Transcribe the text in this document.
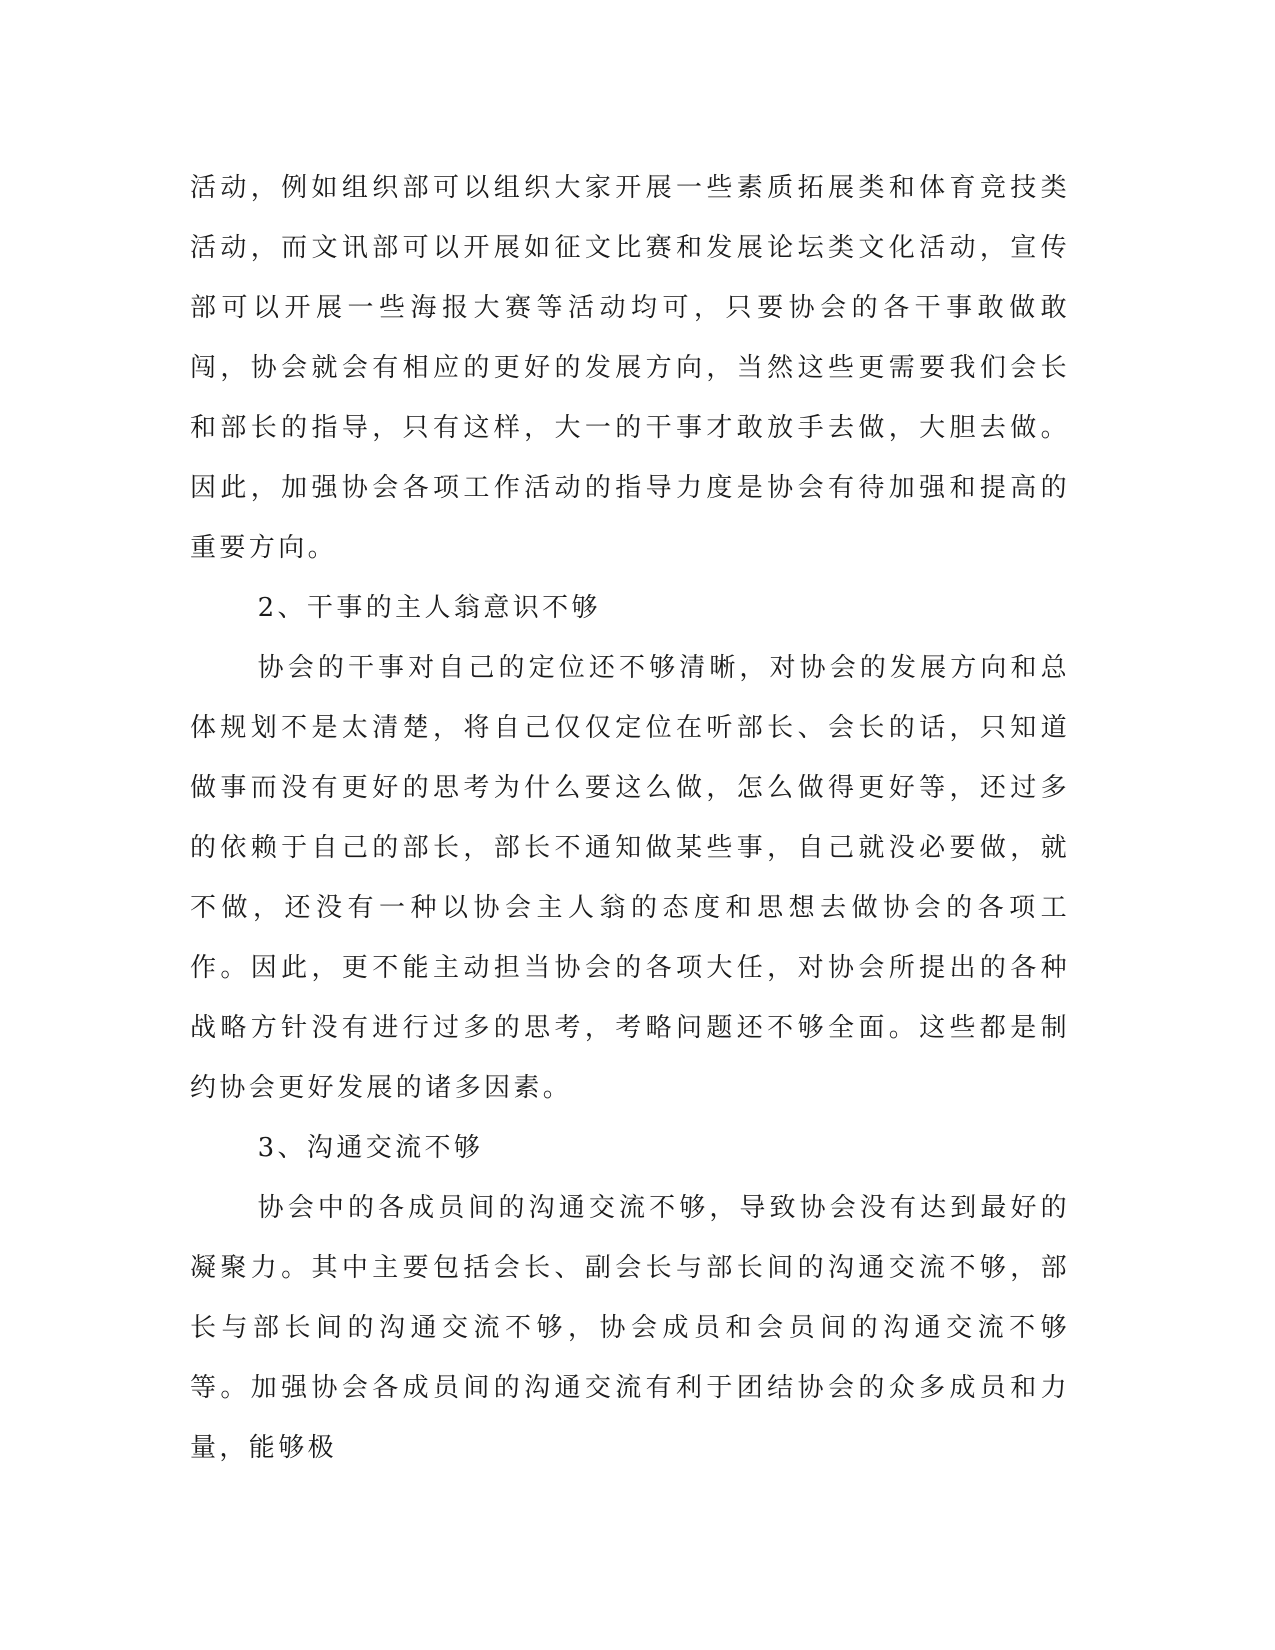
活动，例如组织部可以组织大家开展一些素质拓展类和体育竞技类活动，而文讯部可以开展如征文比赛和发展论坛类文化活动，宣传部可以开展一些海报大赛等活动均可，只要协会的各干事敢做敢闯，协会就会有相应的更好的发展方向，当然这些更需要我们会长和部长的指导，只有这样，大一的干事才敢放手去做，大胆去做。因此，加强协会各项工作活动的指导力度是协会有待加强和提高的重要方向。

2、干事的主人翁意识不够

协会的干事对自己的定位还不够清晰，对协会的发展方向和总体规划不是太清楚，将自己仅仅定位在听部长、会长的话，只知道做事而没有更好的思考为什么要这么做，怎么做得更好等，还过多的依赖于自己的部长，部长不通知做某些事，自己就没必要做，就不做，还没有一种以协会主人翁的态度和思想去做协会的各项工作。因此，更不能主动担当协会的各项大任，对协会所提出的各种战略方针没有进行过多的思考，考略问题还不够全面。这些都是制约协会更好发展的诸多因素。

3、沟通交流不够

协会中的各成员间的沟通交流不够，导致协会没有达到最好的凝聚力。其中主要包括会长、副会长与部长间的沟通交流不够，部长与部长间的沟通交流不够，协会成员和会员间的沟通交流不够等。加强协会各成员间的沟通交流有利于团结协会的众多成员和力量，能够极
